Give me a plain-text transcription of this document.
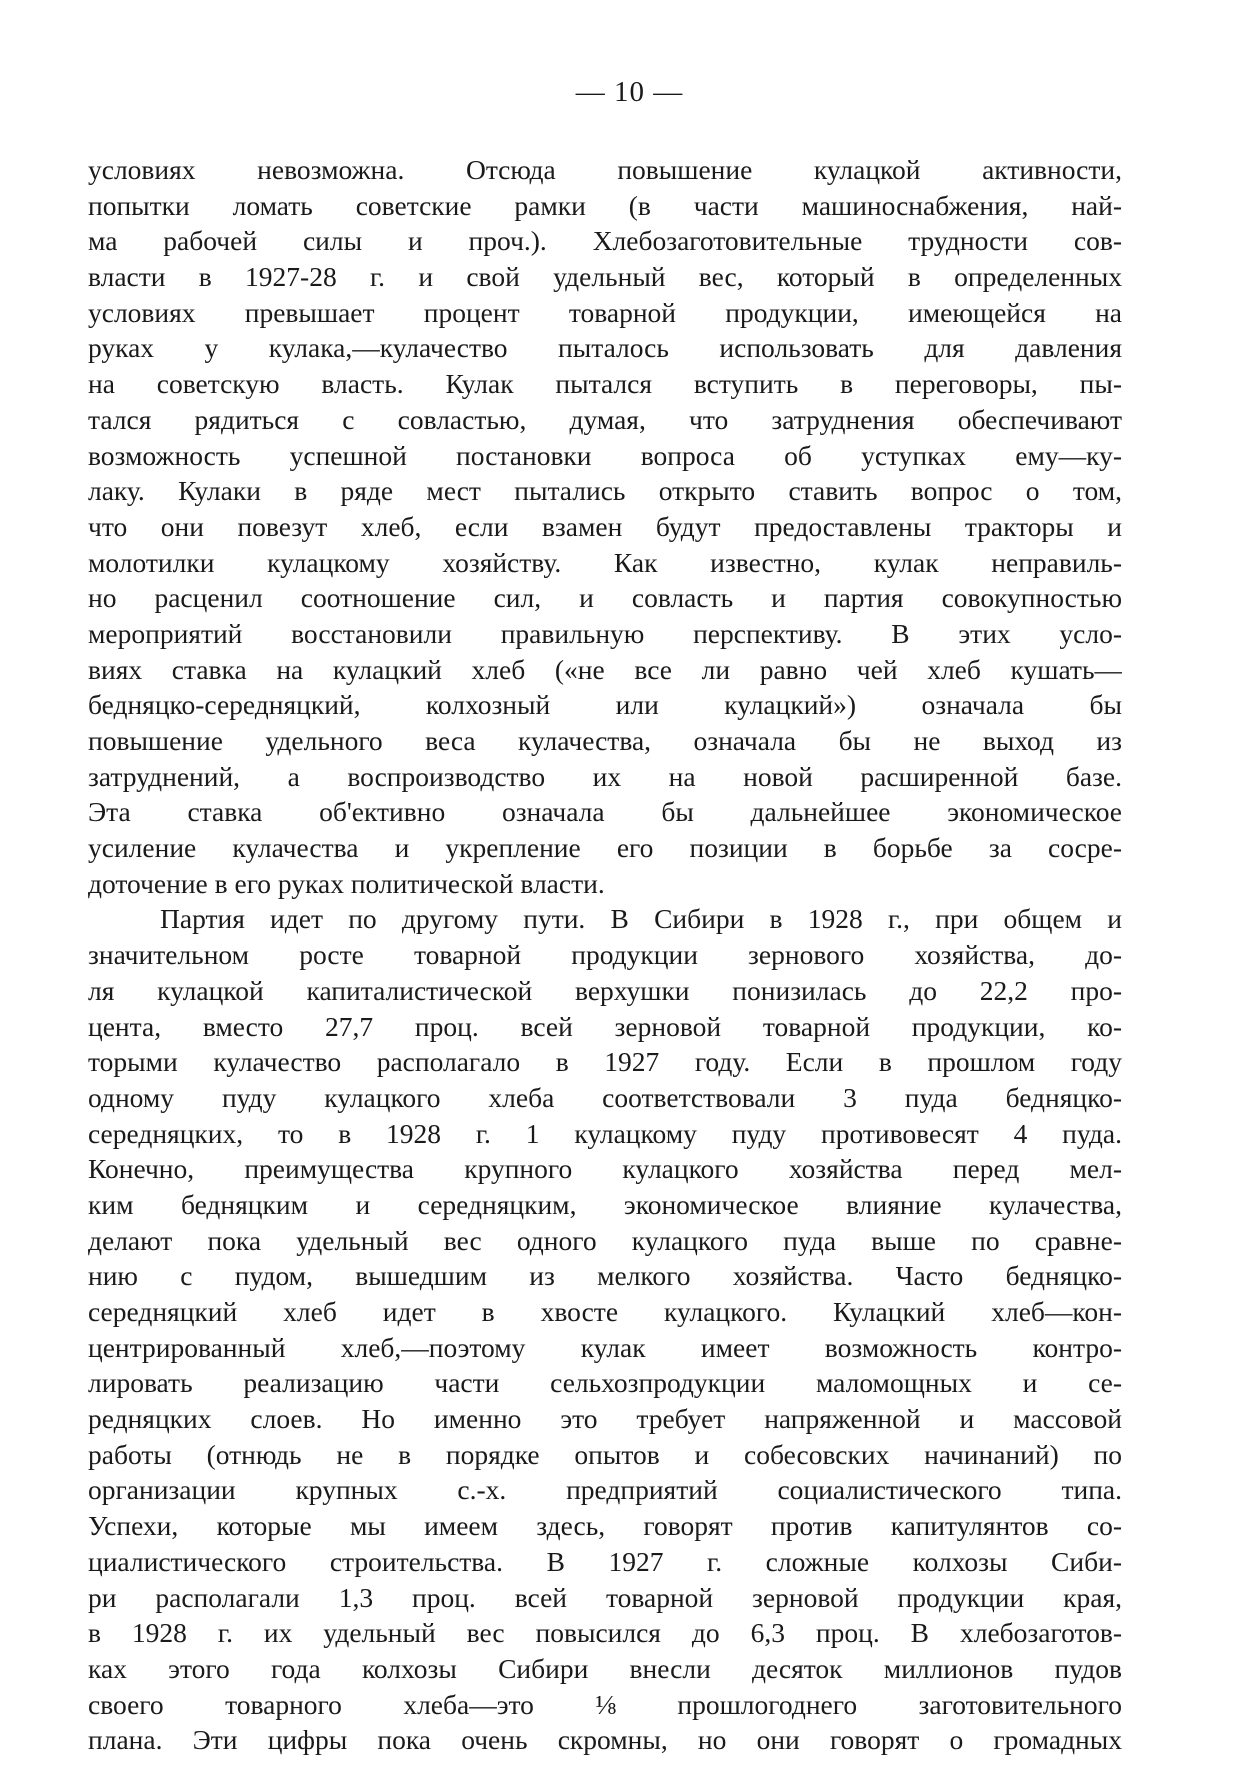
— 10 —
условиях невозможна. Отсюда повышение кулацкой активности,
попытки ломать советские рамки (в части машиноснабжения, най-
ма рабочей силы и проч.). Хлебозаготовительные трудности сов-
власти в 1927-28 г. и свой удельный вес, который в определенных
условиях превышает процент товарной продукции, имеющейся на
руках у кулака,—кулачество пыталось использовать для давления
на советскую власть. Кулак пытался вступить в переговоры, пы-
тался рядиться с совластью, думая, что затруднения обеспечивают
возможность успешной постановки вопроса об уступках ему—ку-
лаку. Кулаки в ряде мест пытались открыто ставить вопрос о том,
что они повезут хлеб, если взамен будут предоставлены тракторы и
молотилки кулацкому хозяйству. Как известно, кулак неправиль-
но расценил соотношение сил, и совласть и партия совокупностью
мероприятий восстановили правильную перспективу. В этих усло-
виях ставка на кулацкий хлеб («не все ли равно чей хлеб кушать—
бедняцко-середняцкий, колхозный или кулацкий») означала бы
повышение удельного веса кулачества, означала бы не выход из
затруднений, а воспроизводство их на новой расширенной базе.
Эта ставка об'ективно означала бы дальнейшее экономическое
усиление кулачества и укрепление его позиции в борьбе за сосре-
доточение в его руках политической власти.
Партия идет по другому пути. В Сибири в 1928 г., при общем и
значительном росте товарной продукции зернового хозяйства, до-
ля кулацкой капиталистической верхушки понизилась до 22,2 про-
цента, вместо 27,7 проц. всей зерновой товарной продукции, ко-
торыми кулачество располагало в 1927 году. Если в прошлом году
одному пуду кулацкого хлеба соответствовали 3 пуда бедняцко-
середняцких, то в 1928 г. 1 кулацкому пуду противовесят 4 пуда.
Конечно, преимущества крупного кулацкого хозяйства перед мел-
ким бедняцким и середняцким, экономическое влияние кулачества,
делают пока удельный вес одного кулацкого пуда выше по сравне-
нию с пудом, вышедшим из мелкого хозяйства. Часто бедняцко-
середняцкий хлеб идет в хвосте кулацкого. Кулацкий хлеб—кон-
центрированный хлеб,—поэтому кулак имеет возможность контро-
лировать реализацию части сельхозпродукции маломощных и се-
редняцких слоев. Но именно это требует напряженной и массовой
работы (отнюдь не в порядке опытов и собесовских начинаний) по
организации крупных с.-х. предприятий социалистического типа.
Успехи, которые мы имеем здесь, говорят против капитулянтов со-
циалистического строительства. В 1927 г. сложные колхозы Сиби-
ри располагали 1,3 проц. всей товарной зерновой продукции края,
в 1928 г. их удельный вес повысился до 6,3 проц. В хлебозаготов-
ках этого года колхозы Сибири внесли десяток миллионов пудов
своего товарного хлеба—это ⅛ прошлогоднего заготовительного
плана. Эти цифры пока очень скромны, но они говорят о громадных
